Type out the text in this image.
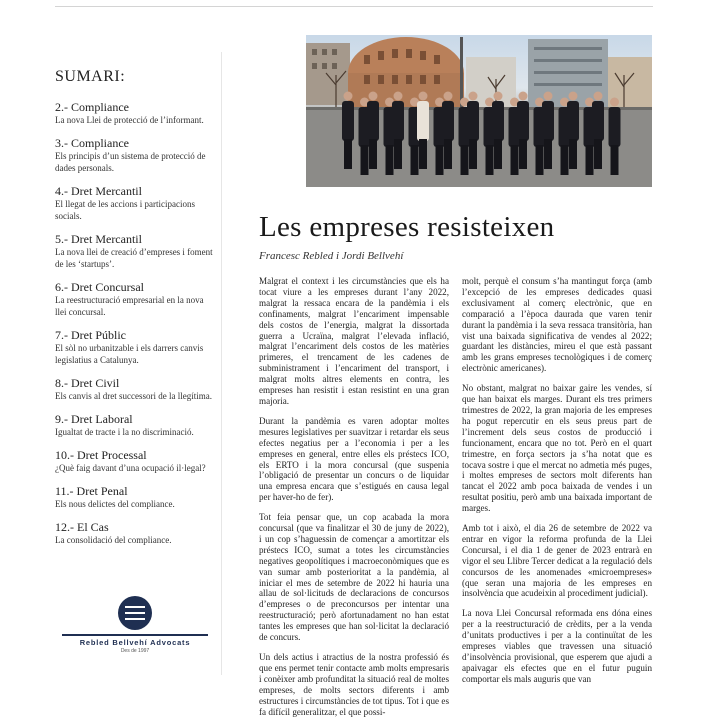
SUMARI:
2.- Compliance
La nova Llei de protecció de l’informant.
3.- Compliance
Els principis d’un sistema de protecció de dades personals.
4.- Dret Mercantil
El llegat de les accions i participacions socials.
5.- Dret Mercantil
La nova llei de creació d’empreses i foment de les ‘startups’.
6.- Dret Concursal
La reestructuració empresarial en la nova llei concursal.
7.- Dret Públic
El sòl no urbanitzable i els darrers canvis legislatius a Catalunya.
8.- Dret Civil
Els canvis al dret successori de la llegítima.
9.- Dret Laboral
Igualtat de tracte i la no discriminació.
10.- Dret Processal
¿Què faig davant d’una ocupació il·legal?
11.- Dret Penal
Els nous delictes del compliance.
12.- El Cas
La consolidació del compliance.
Rebled Bellvehí Advocats
Des de 1997
Les empreses resisteixen
Francesc Rebled i Jordi Bellvehí

Malgrat el context i les circumstàncies que els ha tocat viure a les empreses durant l’any 2022, malgrat la ressaca encara de la pandèmia i els confinaments, malgrat l’encariment impensable dels costos de l’energia, malgrat la dissortada guerra a Ucraïna, malgrat l’elevada inflació, malgrat l’encariment dels costos de les matèries primeres, el trencament de les cadenes de subministrament i l’encariment del transport, i malgrat molts altres elements en contra, les empreses han resistit i estan resistint en una gran majoria.

Durant la pandèmia es varen adoptar moltes mesures legislatives per suavitzar i retardar els seus efectes negatius per a l’economia i per a les empreses en general, entre elles els préstecs ICO, els ERTO i la mora concursal (que suspenia l’obligació de presentar un concurs o de liquidar una empresa encara que s’estigués en causa legal per haver-ho de fer).

Tot feia pensar que, un cop acabada la mora concursal (que va finalitzar el 30 de juny de 2022), i un cop s’haguessin de començar a amortitzar els préstecs ICO, sumat a totes les circumstàncies negatives geopolítiques i macroeconòmiques que es van sumar amb posterioritat a la pandèmia, al iniciar el mes de setembre de 2022 hi hauria una allau de sol·licituds de declaracions de concursos d’empreses o de preconcursos per intentar una reestructuració; però afortunadament no han estat tantes les empreses que han sol·licitat la declaració de concurs.

Un dels actius i atractius de la nostra professió és que ens permet tenir contacte amb molts empresaris i conèixer amb profunditat la situació real de moltes empreses, de molts sectors diferents i amb estructures i circumstàncies de tot tipus. Tot i que es fa difícil generalitzar, el que possi-

molt, perquè el consum s’ha mantingut força (amb l’excepció de les empreses dedicades quasi exclusivament al comerç electrònic, que en comparació a l’època daurada que varen tenir durant la pandèmia i la seva ressaca transitòria, han vist una baixada significativa de vendes al 2022; guardant les distàncies, mireu el que està passant amb les grans empreses tecnològiques i de comerç electrònic americanes).

No obstant, malgrat no baixar gaire les vendes, sí que han baixat els marges. Durant els tres primers trimestres de 2022, la gran majoria de les empreses ha pogut repercutir en els seus preus part de l’increment dels seus costos de producció i funcionament, encara que no tot. Però en el quart trimestre, en força sectors ja s’ha notat que es tocava sostre i que el mercat no admetia més puges, i moltes empreses de sectors molt diferents han tancat el 2022 amb poca baixada de vendes i un resultat positiu, però amb una baixada important de marges.

Amb tot i això, el dia 26 de setembre de 2022 va entrar en vigor la reforma profunda de la Llei Concursal, i el dia 1 de gener de 2023 entrarà en vigor el seu Llibre Tercer dedicat a la regulació dels concursos de les anomenades «microempreses» (que seran una majoria de les empreses en insolvència que acudeixin al procediment judicial).

La nova Llei Concursal reformada ens dóna eines per a la reestructuració de crèdits, per a la venda d’unitats productives i per a la continuïtat de les empreses viables que travessen una situació d’insolvència provisional, que esperem que ajudi a apaivagar els efectes que en el futur puguin comportar els mals auguris que van
